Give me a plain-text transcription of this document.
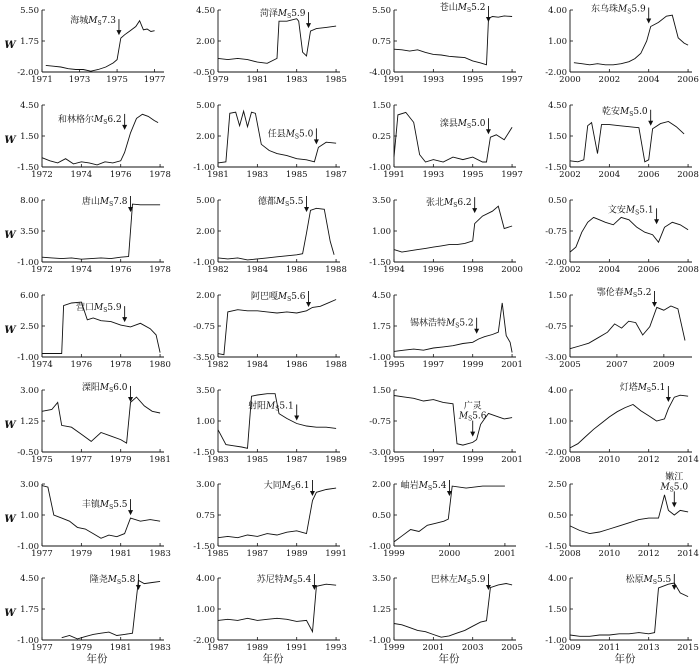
5.50
1.75
-2.00
1971 1973 1975 1977
海城$M_S7.3$
4.50
2.00
-0.50
1979 1981 1983 1985
菏泽$M_S5.9$	5.50
0.75
-4.00
1991 1993 1995 1997
苍山$M_S5.2$	4.00
1.00
-2.00
2000 2002 2004 2006
东乌珠$M_S5.9$
4.50
1.50
-1.50
1972 1974 1976 1978
和林格尔$M_S6.2$
5.00
2.00
-1.00
1981 1983 1985 1987
任县$M_S5.0$
1.50
0.25
-1.00
1991 1993 1995 1997
滦县$M_S5.0$
4.50
1.50
-1.50
2002 2004 2006 2008
乾安$M_S5.0$
8.00
3.50
-1.00
1972 1974 1976 1978
唐山$M_S7.8$	5.00
2.00
-1.00
1982 1984 1986 1988
德都$M_S5.5$	3.50
1.00
-1.50
1994 1996 1998 2000
张北$M_S6.2$	0.50
-0.75
-2.00
2002 2004 2006 2008
文安$M_S5.1$
6.00
2.50
-1.00
1974 1976 1978 1980
营口$M_S5.9$
2.00
-0.75
-3.50
1982 1984 1986 1988
阿巴嘎$M_S5.6$	4.50
1.75
-1.00
1995 1997 1999 2001
锡林浩特$M_S5.2$
1.50
-0.75
-3.00
2005	2007	2009
鄂伦春$M_S5.2$
3.00
1.25
-0.50
1975 1977 1979 1981
溧阳$M_S6.0$	3.50
1.00
-1.50
1983 1985 1987 1989
射阳$M_S5.1$
1.50
-0.75
-3.00
1995 1997 1999 2001
广灵
$M_S5.6$
4.00
1.00
-2.00
2008 2010 2012 2014
灯塔$M_S5.1$
3.00
1.00
-1.00
1977 1979 1981 1983
丰镇$M_S5.5$
3.00
0.75
-1.50
1985 1987 1989 1991
大同$M_S6.1$	2.00
0.50
-1.00
1999	2000	2001
岫岩$M_S5.4$	2.50
0.50
-1.50
2008 2010 2012 2014
嫩江
$M_S5.0$
4.50
1.75
-1.00
1977 1979 1981 1983
隆尧$M_S5.8$	4.00
1.00
-2.00
1987 1989 1991 1993
苏尼特$M_S5.4$	3.50
1.25
-1.00
1999 2001 2003 2005
巴林左$M_S5.9$	4.00
1.50
-1.00
2009 2011 2013 2015
松原$M_S5.5$
W
W
W
W
W
W
W
年份	年份	年份	年份
